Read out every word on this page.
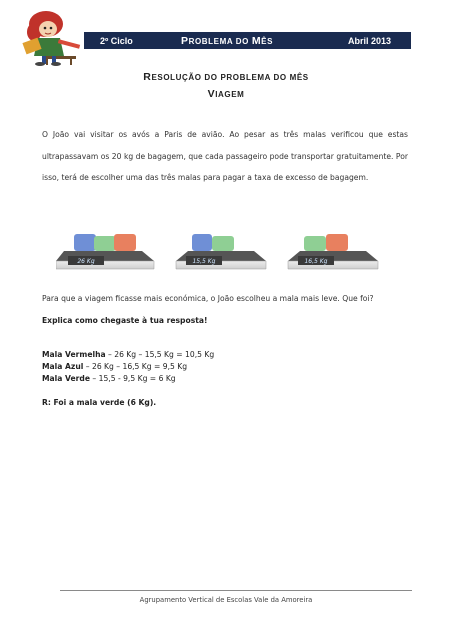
2º Ciclo	PROBLEMA DO MÊS	Abril 2013
RESOLUÇÃO DO PROBLEMA DO MÊS
VIAGEM
O João vai visitar os avós a Paris de avião. Ao pesar as três malas verificou que estas ultrapassavam os 20 kg de bagagem, que cada passageiro pode transportar gratuitamente. Por isso, terá de escolher uma das três malas para pagar a taxa de excesso de bagagem.
26 Kg	15,5 Kg	16,5 Kg
Para que a viagem ficasse mais económica, o João escolheu a mala mais leve. Que foi?
Explica como chegaste à tua resposta!
Mala Vermelha – 26 Kg – 15,5 Kg = 10,5 Kg
Mala Azul – 26 Kg – 16,5 Kg = 9,5 Kg
Mala Verde – 15,5 - 9,5 Kg = 6 Kg
R: Foi a mala verde (6 Kg).
Agrupamento Vertical de Escolas Vale da Amoreira
